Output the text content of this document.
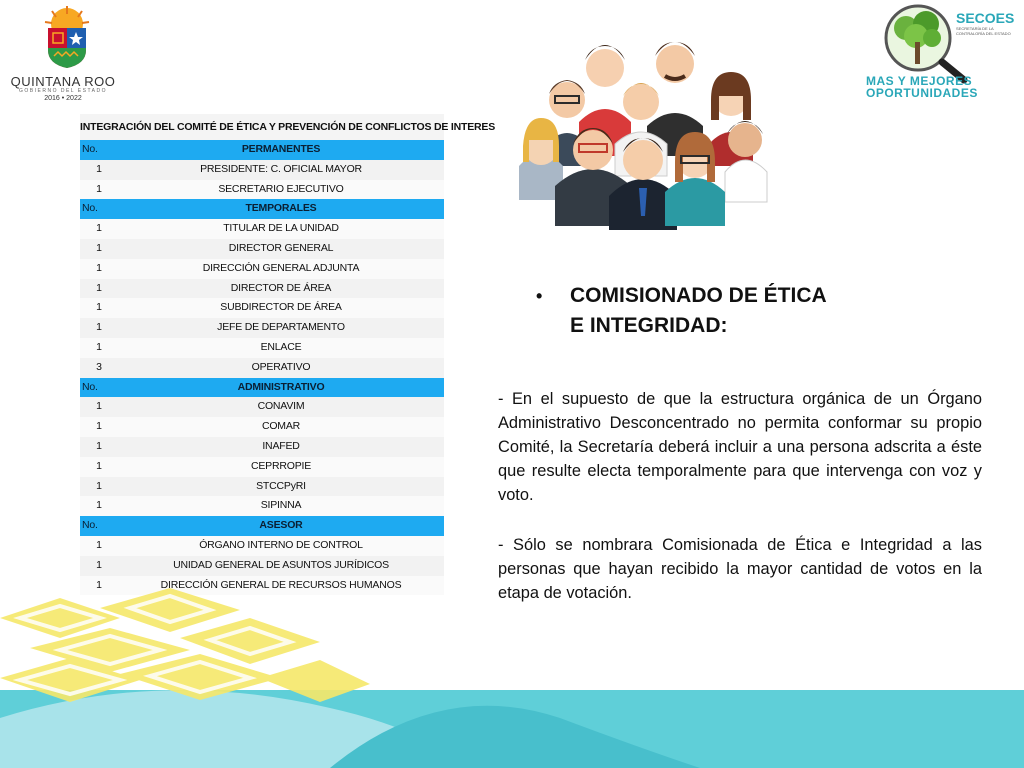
QUINTANA ROO
GOBIERNO DEL ESTADO
2016 • 2022
SECOES
SECRETARÍA DE LA CONTRALORÍA DEL ESTADO
MAS Y MEJORES
OPORTUNIDADES
INTEGRACIÓN DEL COMITÉ DE ÉTICA Y PREVENCIÓN DE CONFLICTOS DE INTERES
No.	PERMANENTES
1	PRESIDENTE: C. OFICIAL MAYOR
1	SECRETARIO EJECUTIVO
No.	TEMPORALES
1	TITULAR DE LA UNIDAD
1	DIRECTOR GENERAL
1	DIRECCIÓN GENERAL ADJUNTA
1	DIRECTOR DE ÁREA
1	SUBDIRECTOR DE ÁREA
1	JEFE DE DEPARTAMENTO
1	ENLACE
3	OPERATIVO
No.	ADMINISTRATIVO
1	CONAVIM
1	COMAR
1	INAFED
1	CEPRROPIE
1	STCCPyRI
1	SIPINNA
No.	ASESOR
1	ÓRGANO INTERNO DE CONTROL
1	UNIDAD GENERAL DE ASUNTOS JURÍDICOS
1	DIRECCIÓN GENERAL DE RECURSOS HUMANOS
•	COMISIONADO DE ÉTICA
E INTEGRIDAD:
- En el supuesto de que la estructura orgánica de un Órgano Administrativo Desconcentrado no permita conformar su propio Comité, la Secretaría deberá incluir a una persona adscrita a éste que resulte electa temporalmente para que intervenga con voz y voto.
- Sólo se nombrara Comisionada de Ética e Integridad a las personas que hayan recibido la mayor cantidad de votos en la etapa de votación.
